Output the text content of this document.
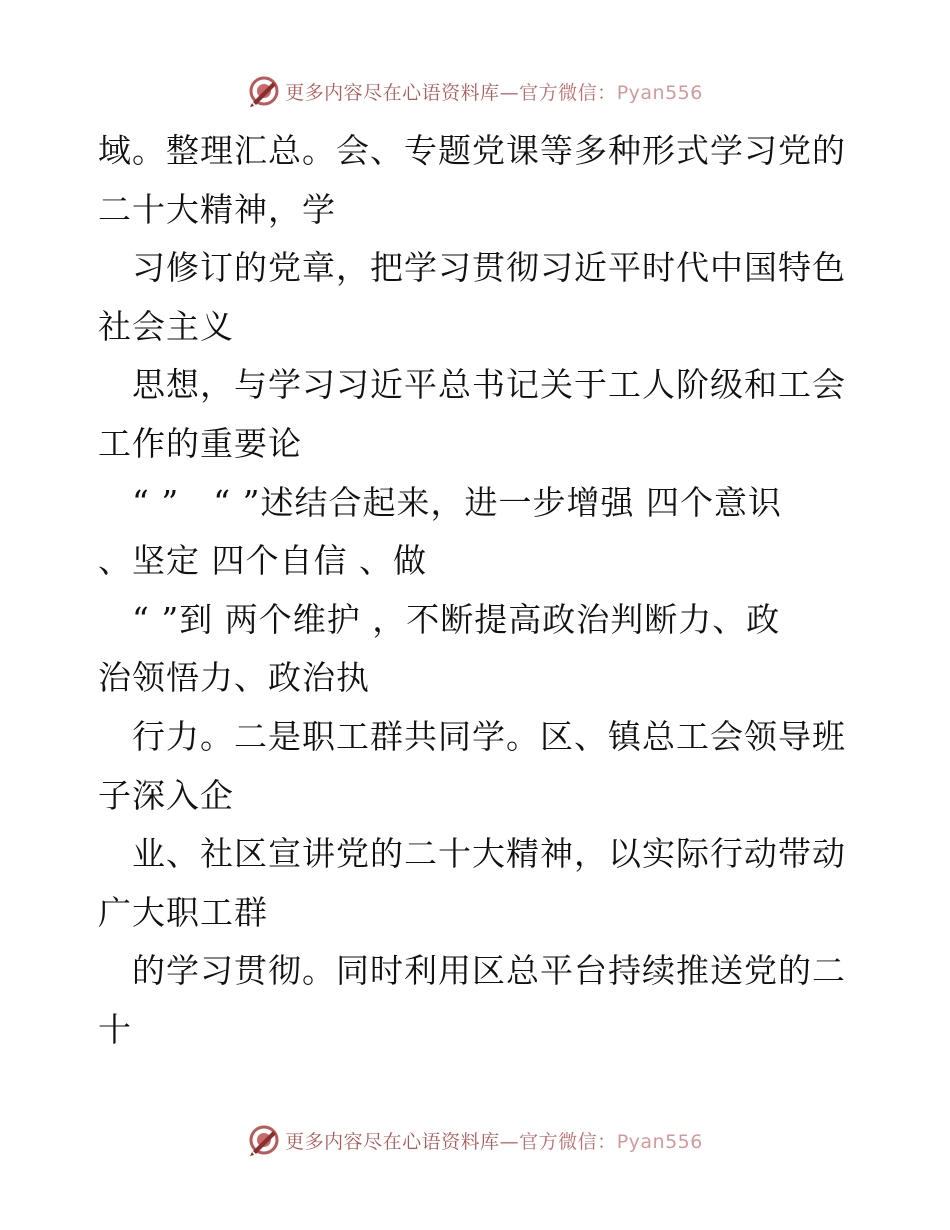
更多内容尽在心语资料库—官方微信：Pyan556
域。整理汇总。会、专题党课等多种形式学习党的
二十大精神，学
　习修订的党章，把学习贯彻习近平时代中国特色
社会主义
　思想，与学习习近平总书记关于工人阶级和工会
工作的重要论
　“ ”　“ ”述结合起来，进一步增强 四个意识
、坚定 四个自信 、做
　“ ”到 两个维护 ，不断提高政治判断力、政
治领悟力、政治执
　行力。二是职工群共同学。区、镇总工会领导班
子深入企
　业、社区宣讲党的二十大精神，以实际行动带动
广大职工群
　的学习贯彻。同时利用区总平台持续推送党的二
十
更多内容尽在心语资料库—官方微信：Pyan556
